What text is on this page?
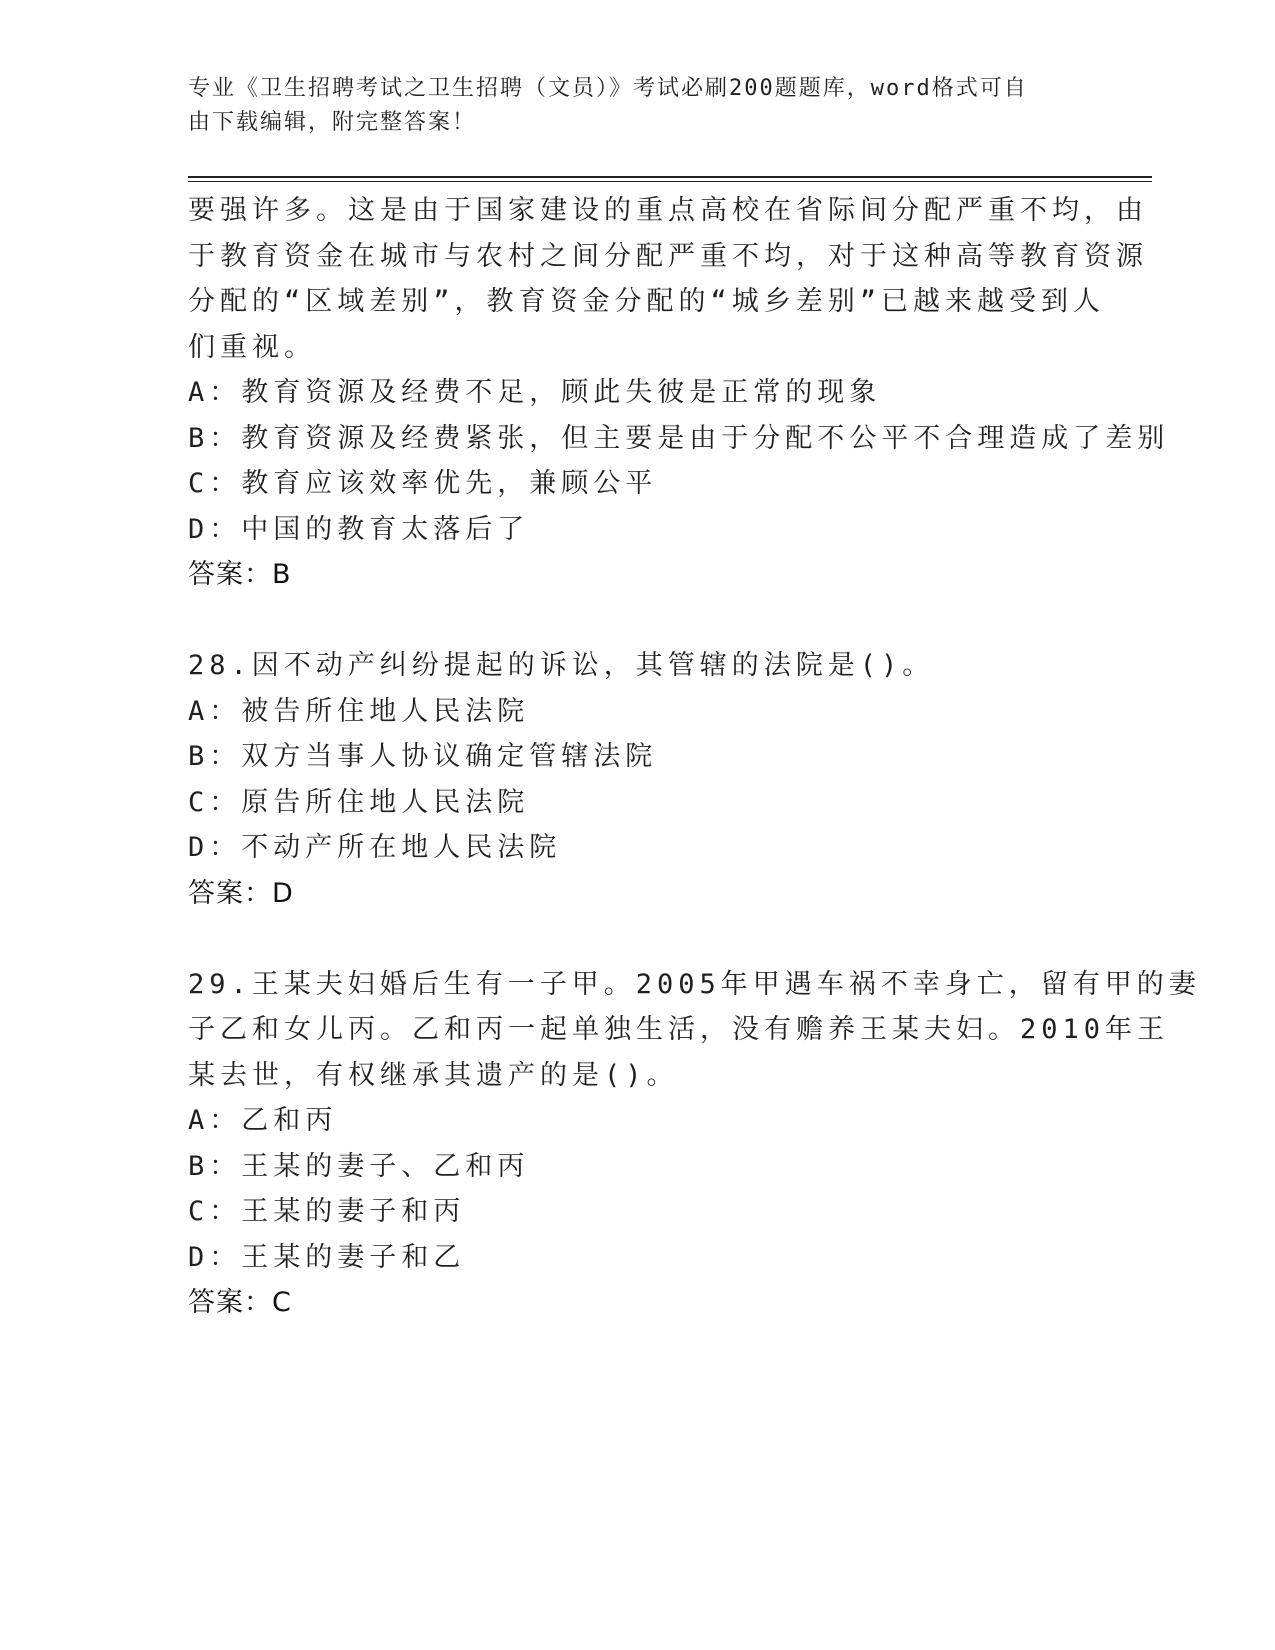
专业《卫生招聘考试之卫生招聘（文员）》考试必刷200题题库，word格式可自
由下载编辑，附完整答案！
要强许多。这是由于国家建设的重点高校在省际间分配严重不均，由
于教育资金在城市与农村之间分配严重不均，对于这种高等教育资源
分配的“区域差别”，教育资金分配的“城乡差别”已越来越受到人
们重视。
A：教育资源及经费不足，顾此失彼是正常的现象
B：教育资源及经费紧张，但主要是由于分配不公平不合理造成了差别
C：教育应该效率优先，兼顾公平
D：中国的教育太落后了
答案：B
28.因不动产纠纷提起的诉讼，其管辖的法院是()。
A：被告所住地人民法院
B：双方当事人协议确定管辖法院
C：原告所住地人民法院
D：不动产所在地人民法院
答案：D
29.王某夫妇婚后生有一子甲。2005年甲遇车祸不幸身亡，留有甲的妻
子乙和女儿丙。乙和丙一起单独生活，没有赡养王某夫妇。2010年王
某去世，有权继承其遗产的是()。
A：乙和丙
B：王某的妻子、乙和丙
C：王某的妻子和丙
D：王某的妻子和乙
答案：C
